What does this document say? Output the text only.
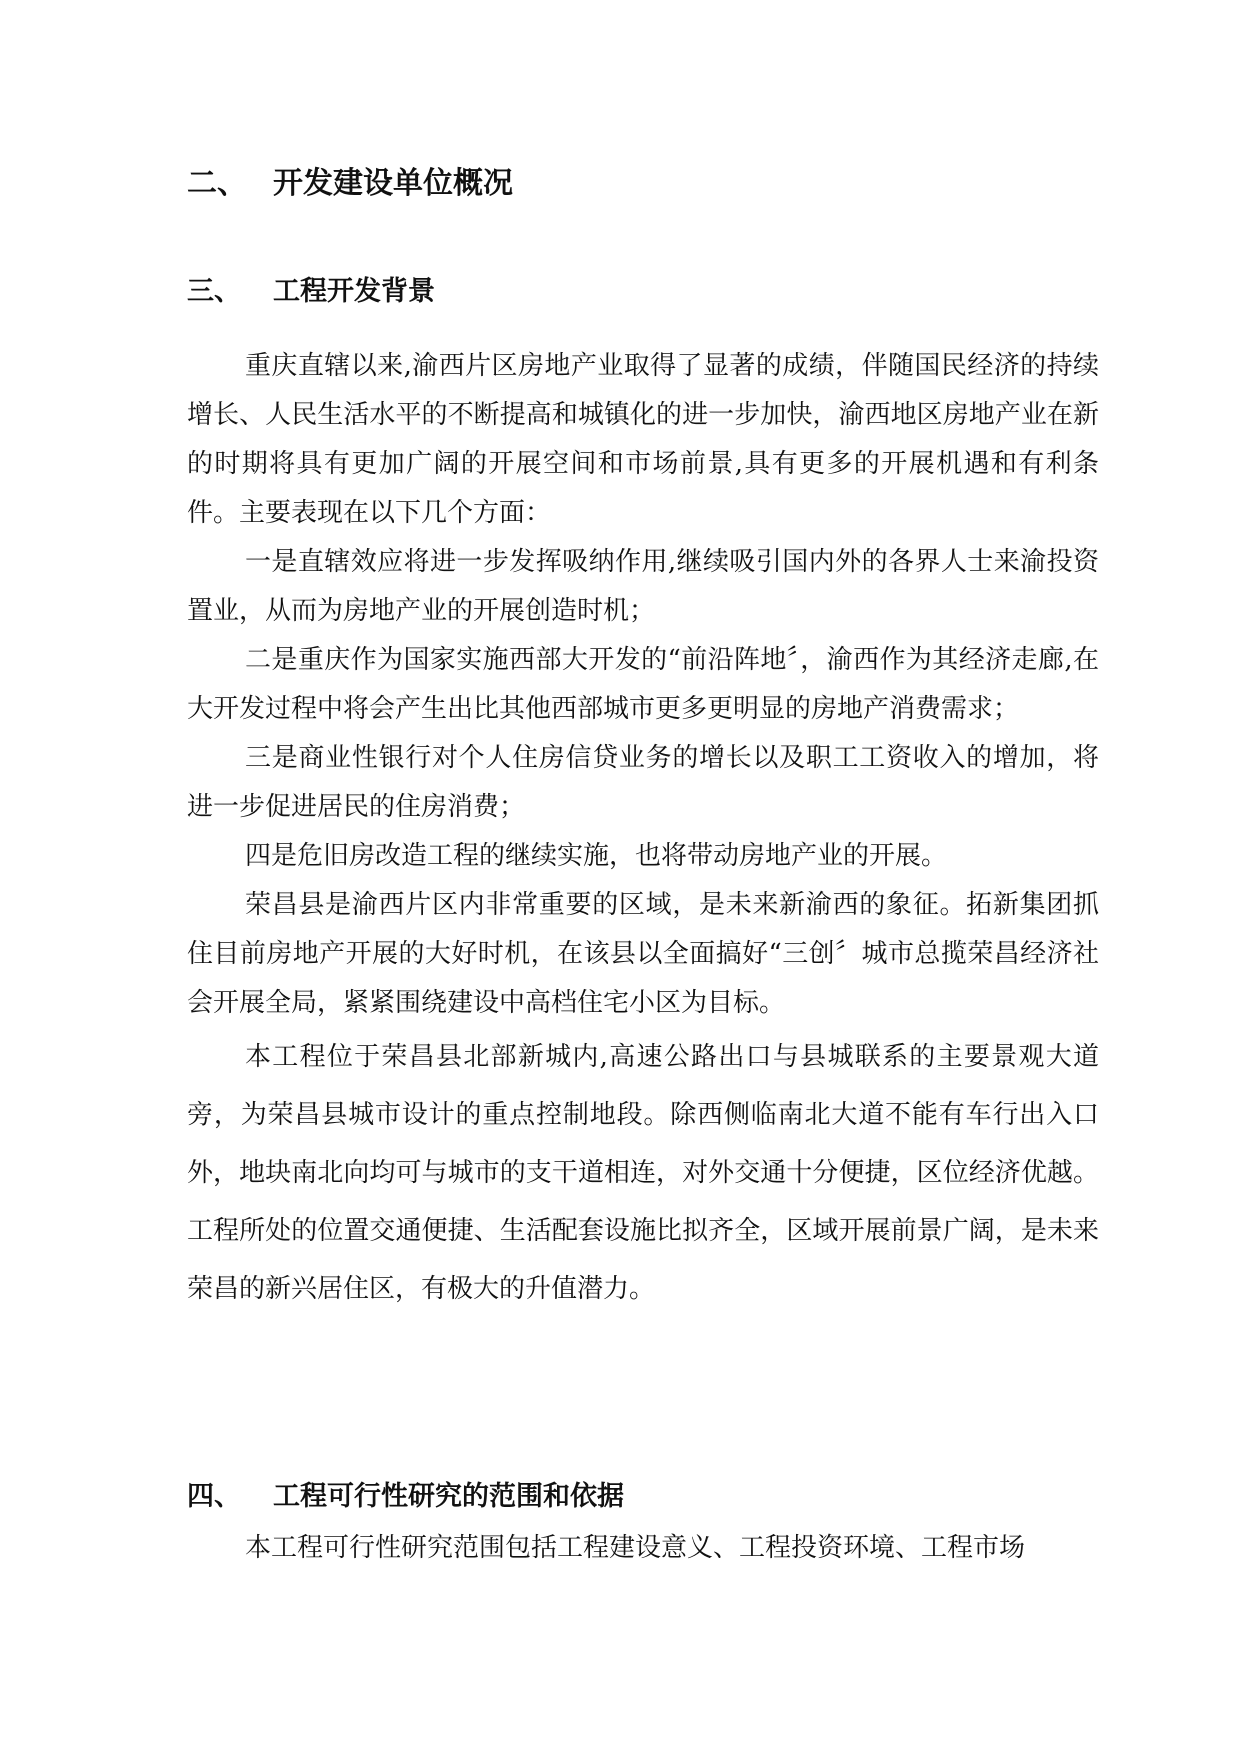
二、 开发建设单位概况
三、	工程开发背景

重庆直辖以来,渝西片区房地产业取得了显著的成绩，伴随国民经济的持续增长、人民生活水平的不断提高和城镇化的进一步加快，渝西地区房地产业在新的时期将具有更加广阔的开展空间和市场前景,具有更多的开展机遇和有利条件。主要表现在以下几个方面：

一是直辖效应将进一步发挥吸纳作用,继续吸引国内外的各界人士来渝投资置业，从而为房地产业的开展创造时机；

二是重庆作为国家实施西部大开发的“前沿阵地〞，渝西作为其经济走廊,在大开发过程中将会产生出比其他西部城市更多更明显的房地产消费需求；

三是商业性银行对个人住房信贷业务的增长以及职工工资收入的增加，将进一步促进居民的住房消费；

四是危旧房改造工程的继续实施，也将带动房地产业的开展。

荣昌县是渝西片区内非常重要的区域，是未来新渝西的象征。拓新集团抓住目前房地产开展的大好时机，在该县以全面搞好“三创〞城市总揽荣昌经济社会开展全局，紧紧围绕建设中高档住宅小区为目标。

本工程位于荣昌县北部新城内,高速公路出口与县城联系的主要景观大道旁，为荣昌县城市设计的重点控制地段。除西侧临南北大道不能有车行出入口外，地块南北向均可与城市的支干道相连，对外交通十分便捷，区位经济优越。工程所处的位置交通便捷、生活配套设施比拟齐全，区域开展前景广阔，是未来荣昌的新兴居住区，有极大的升值潜力。

四、	工程可行性研究的范围和依据

本工程可行性研究范围包括工程建设意义、工程投资环境、工程市场
